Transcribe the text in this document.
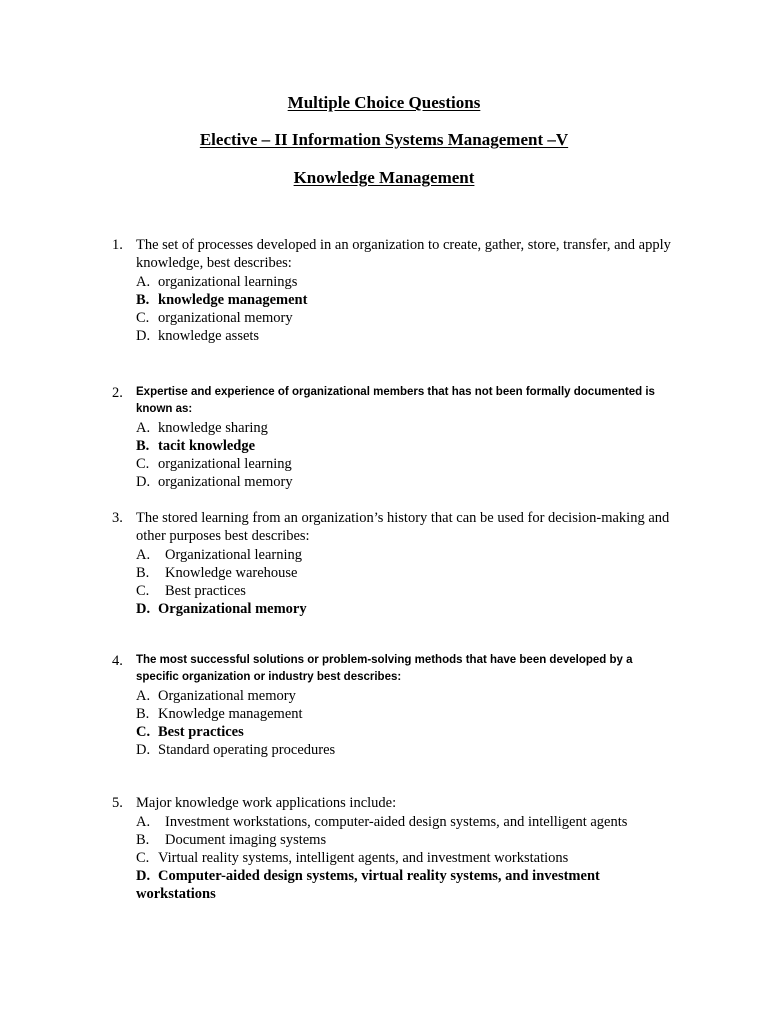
Multiple Choice Questions
Elective – II Information Systems Management –V
Knowledge Management
1. The set of processes developed in an organization to create, gather, store, transfer, and apply knowledge, best describes:
A. organizational learnings
B. knowledge management
C. organizational memory
D. knowledge assets
2. Expertise and experience of organizational members that has not been formally documented is known as:
A. knowledge sharing
B. tacit knowledge
C. organizational learning
D. organizational memory
3. The stored learning from an organization’s history that can be used for decision-making and other purposes best describes:
A. Organizational learning
B. Knowledge warehouse
C. Best practices
D. Organizational memory
4. The most successful solutions or problem-solving methods that have been developed by a specific organization or industry best describes:
A. Organizational memory
B. Knowledge management
C. Best practices
D. Standard operating procedures
5. Major knowledge work applications include:
A. Investment workstations, computer-aided design systems, and intelligent agents
B. Document imaging systems
C. Virtual reality systems, intelligent agents, and investment workstations
D. Computer-aided design systems, virtual reality systems, and investment workstations
